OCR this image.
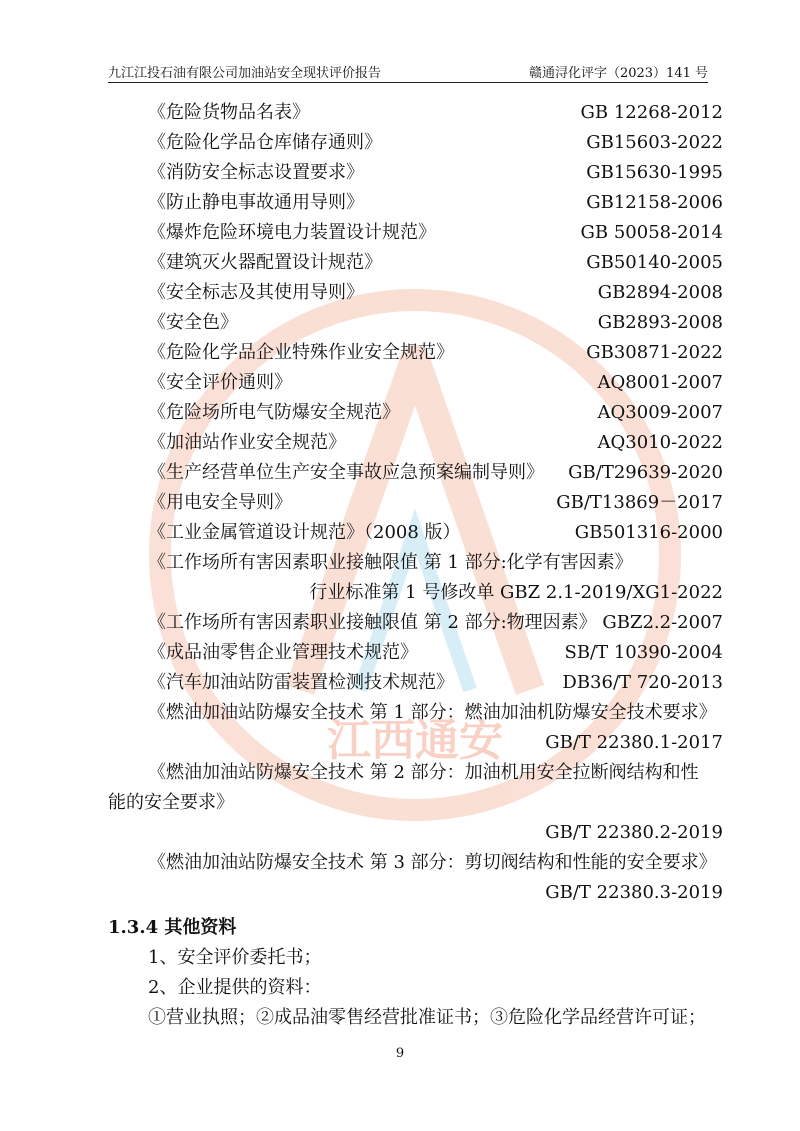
江西通安
九江江投石油有限公司加油站安全现状评价报告	赣通浔化评字（2023）141 号
《危险货物品名表》	GB 12268-2012
《危险化学品仓库储存通则》	GB15603-2022
《消防安全标志设置要求》	GB15630-1995
《防止静电事故通用导则》	GB12158-2006
《爆炸危险环境电力装置设计规范》	GB 50058-2014
《建筑灭火器配置设计规范》	GB50140-2005
《安全标志及其使用导则》	GB2894-2008
《安全色》	GB2893-2008
《危险化学品企业特殊作业安全规范》	GB30871-2022
《安全评价通则》	AQ8001-2007
《危险场所电气防爆安全规范》	AQ3009-2007
《加油站作业安全规范》	AQ3010-2022
《生产经营单位生产安全事故应急预案编制导则》 GB/T29639-2020
《用电安全导则》	GB/T13869－2017
《工业金属管道设计规范》（2008 版）	GB501316-2000
《工作场所有害因素职业接触限值 第 1 部分:化学有害因素》
行业标准第 1 号修改单 GBZ 2.1-2019/XG1-2022
《工作场所有害因素职业接触限值 第 2 部分:物理因素》 GBZ2.2-2007
《成品油零售企业管理技术规范》	SB/T 10390-2004
《汽车加油站防雷装置检测技术规范》	DB36/T 720-2013
《燃油加油站防爆安全技术 第 1 部分：燃油加油机防爆安全技术要求》
GB/T 22380.1-2017
《燃油加油站防爆安全技术 第 2 部分：加油机用安全拉断阀结构和性
能的安全要求》
GB/T 22380.2-2019
《燃油加油站防爆安全技术 第 3 部分：剪切阀结构和性能的安全要求》
GB/T 22380.3-2019
1.3.4 其他资料
1、安全评价委托书；
2、企业提供的资料：
①营业执照；②成品油零售经营批准证书；③危险化学品经营许可证；
9
